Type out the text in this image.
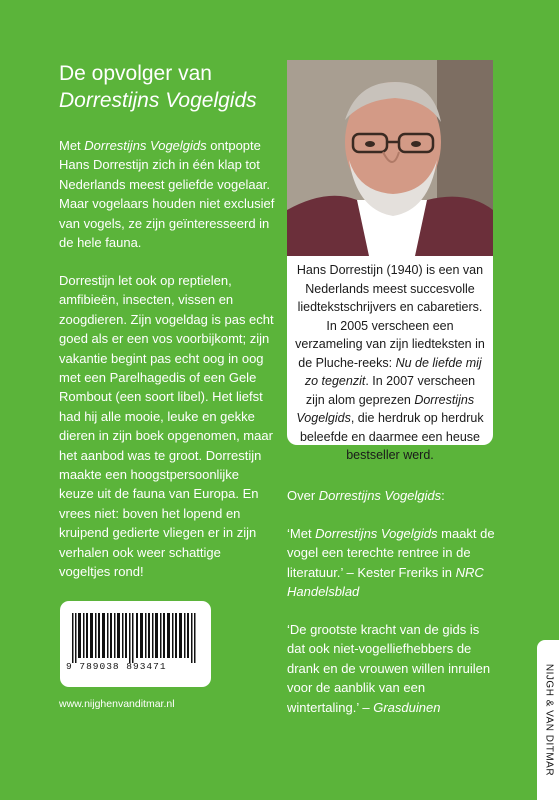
De opvolger van
Dorrestijns Vogelgids
Met Dorrestijns Vogelgids ontpopte Hans Dorrestijn zich in één klap tot Nederlands meest geliefde vogelaar. Maar vogelaars houden niet exclusief van vogels, ze zijn geïnteresseerd in de hele fauna.
Dorrestijn let ook op reptielen, amfibieën, insecten, vissen en zoogdieren. Zijn vogeldag is pas echt goed als er een vos voorbijkomt; zijn vakantie begint pas echt oog in oog met een Parelhagedis of een Gele Rombout (een soort libel). Het liefst had hij alle mooie, leuke en gekke dieren in zijn boek opgenomen, maar het aanbod was te groot. Dorrestijn maakte een hoogstpersoonlijke keuze uit de fauna van Europa. En vrees niet: boven het lopend en kruipend gedierte vliegen er in zijn verhalen ook weer schattige vogeltjes rond!
Hans Dorrestijn (1940) is een van Nederlands meest succesvolle liedtekstschrijvers en cabaretiers. In 2005 verscheen een verzameling van zijn liedteksten in de Pluche-reeks: Nu de liefde mij zo tegenzit. In 2007 verscheen zijn alom geprezen Dorrestijns Vogelgids, die herdruk op herdruk beleefde en daarmee een heuse bestseller werd.
Over Dorrestijns Vogelgids:
‘Met Dorrestijns Vogelgids maakt de vogel een terechte rentree in de literatuur.’ – Kester Freriks in NRC Handelsblad
‘De grootste kracht van de gids is dat ook niet-vogelliefhebbers de drank en de vrouwen willen inruilen voor de aanblik van een wintertaling.’ – Grasduinen
9 789038 893471
www.nijghenvanditmar.nl	NIJGH & VAN DITMAR
